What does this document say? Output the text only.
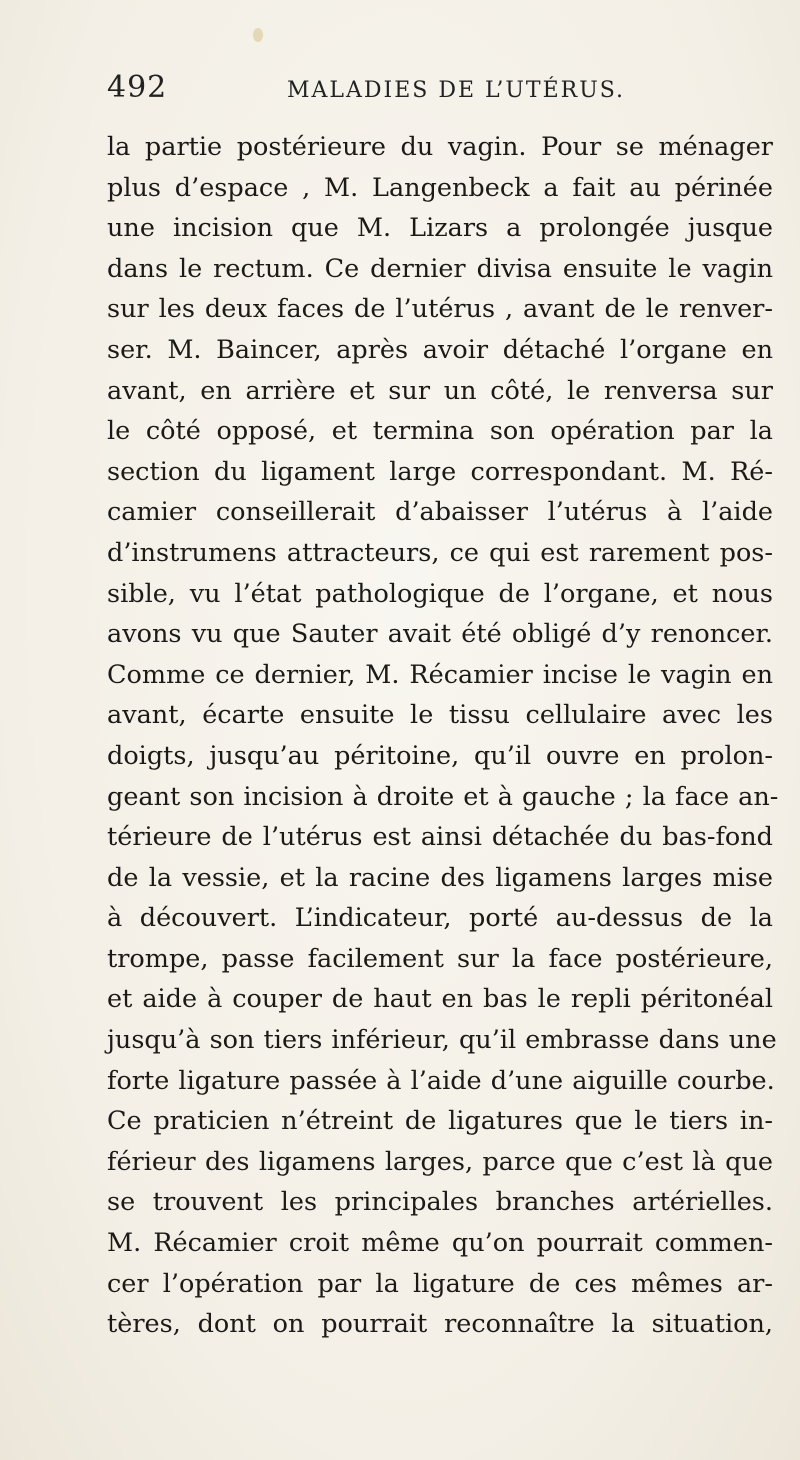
492	MALADIES DE L’UTÉRUS.
la partie postérieure du vagin. Pour se ménager
plus d’espace , M. Langenbeck a fait au périnée
une incision que M. Lizars a prolongée jusque
dans le rectum. Ce dernier divisa ensuite le vagin
sur les deux faces de l’utérus , avant de le renver-
ser. M. Baincer, après avoir détaché l’organe en
avant, en arrière et sur un côté, le renversa sur
le côté opposé, et termina son opération par la
section du ligament large correspondant. M. Ré-
camier conseillerait d’abaisser l’utérus à l’aide
d’instrumens attracteurs, ce qui est rarement pos-
sible, vu l’état pathologique de l’organe, et nous
avons vu que Sauter avait été obligé d’y renoncer.
Comme ce dernier, M. Récamier incise le vagin en
avant, écarte ensuite le tissu cellulaire avec les
doigts, jusqu’au péritoine, qu’il ouvre en prolon-
geant son incision à droite et à gauche ; la face an-
térieure de l’utérus est ainsi détachée du bas-fond
de la vessie, et la racine des ligamens larges mise
à découvert. L’indicateur, porté au-dessus de la
trompe, passe facilement sur la face postérieure,
et aide à couper de haut en bas le repli péritonéal
jusqu’à son tiers inférieur, qu’il embrasse dans une
forte ligature passée à l’aide d’une aiguille courbe.
Ce praticien n’étreint de ligatures que le tiers in-
férieur des ligamens larges, parce que c’est là que
se trouvent les principales branches artérielles.
M. Récamier croit même qu’on pourrait commen-
cer l’opération par la ligature de ces mêmes ar-
tères, dont on pourrait reconnaître la situation,
